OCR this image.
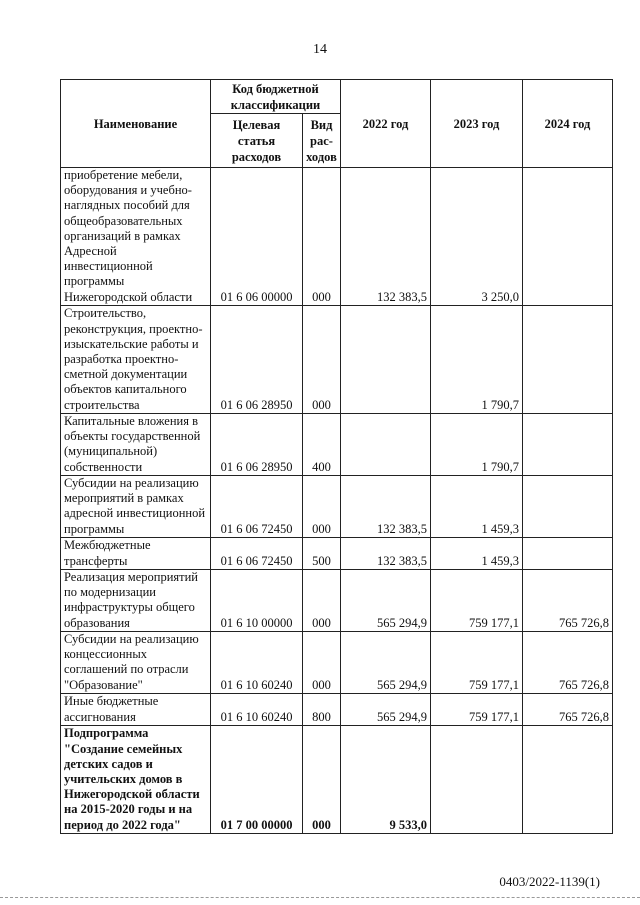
14
Наименование	Код бюджетной классификации		2022 год	2023 год	2024 год
	Целевая статья расходов	Вид рас-ходов			
приобретение мебели, оборудования и учебно-наглядных пособий для общеобразовательных организаций в рамках Адресной инвестиционной программы Нижегородской области	01 6 06 00000	000	132 383,5	3 250,0	
Строительство, реконструкция, проектно-изыскательские работы и разработка проектно-сметной документации объектов капитального строительства	01 6 06 28950	000		1 790,7	
Капитальные вложения в объекты государственной (муниципальной) собственности	01 6 06 28950	400		1 790,7	
Субсидии на реализацию мероприятий в рамках адресной инвестиционной программы	01 6 06 72450	000	132 383,5	1 459,3	
Межбюджетные трансферты	01 6 06 72450	500	132 383,5	1 459,3	
Реализация мероприятий по модернизации инфраструктуры общего образования	01 6 10 00000	000	565 294,9	759 177,1	765 726,8
Субсидии на реализацию концессионных соглашений по отрасли "Образование"	01 6 10 60240	000	565 294,9	759 177,1	765 726,8
Иные бюджетные ассигнования	01 6 10 60240	800	565 294,9	759 177,1	765 726,8
Подпрограмма "Создание семейных детских садов и учительских домов в Нижегородской области на 2015-2020 годы и на период до 2022 года"	01 7 00 00000	000	9 533,0		
0403/2022-1139(1)
